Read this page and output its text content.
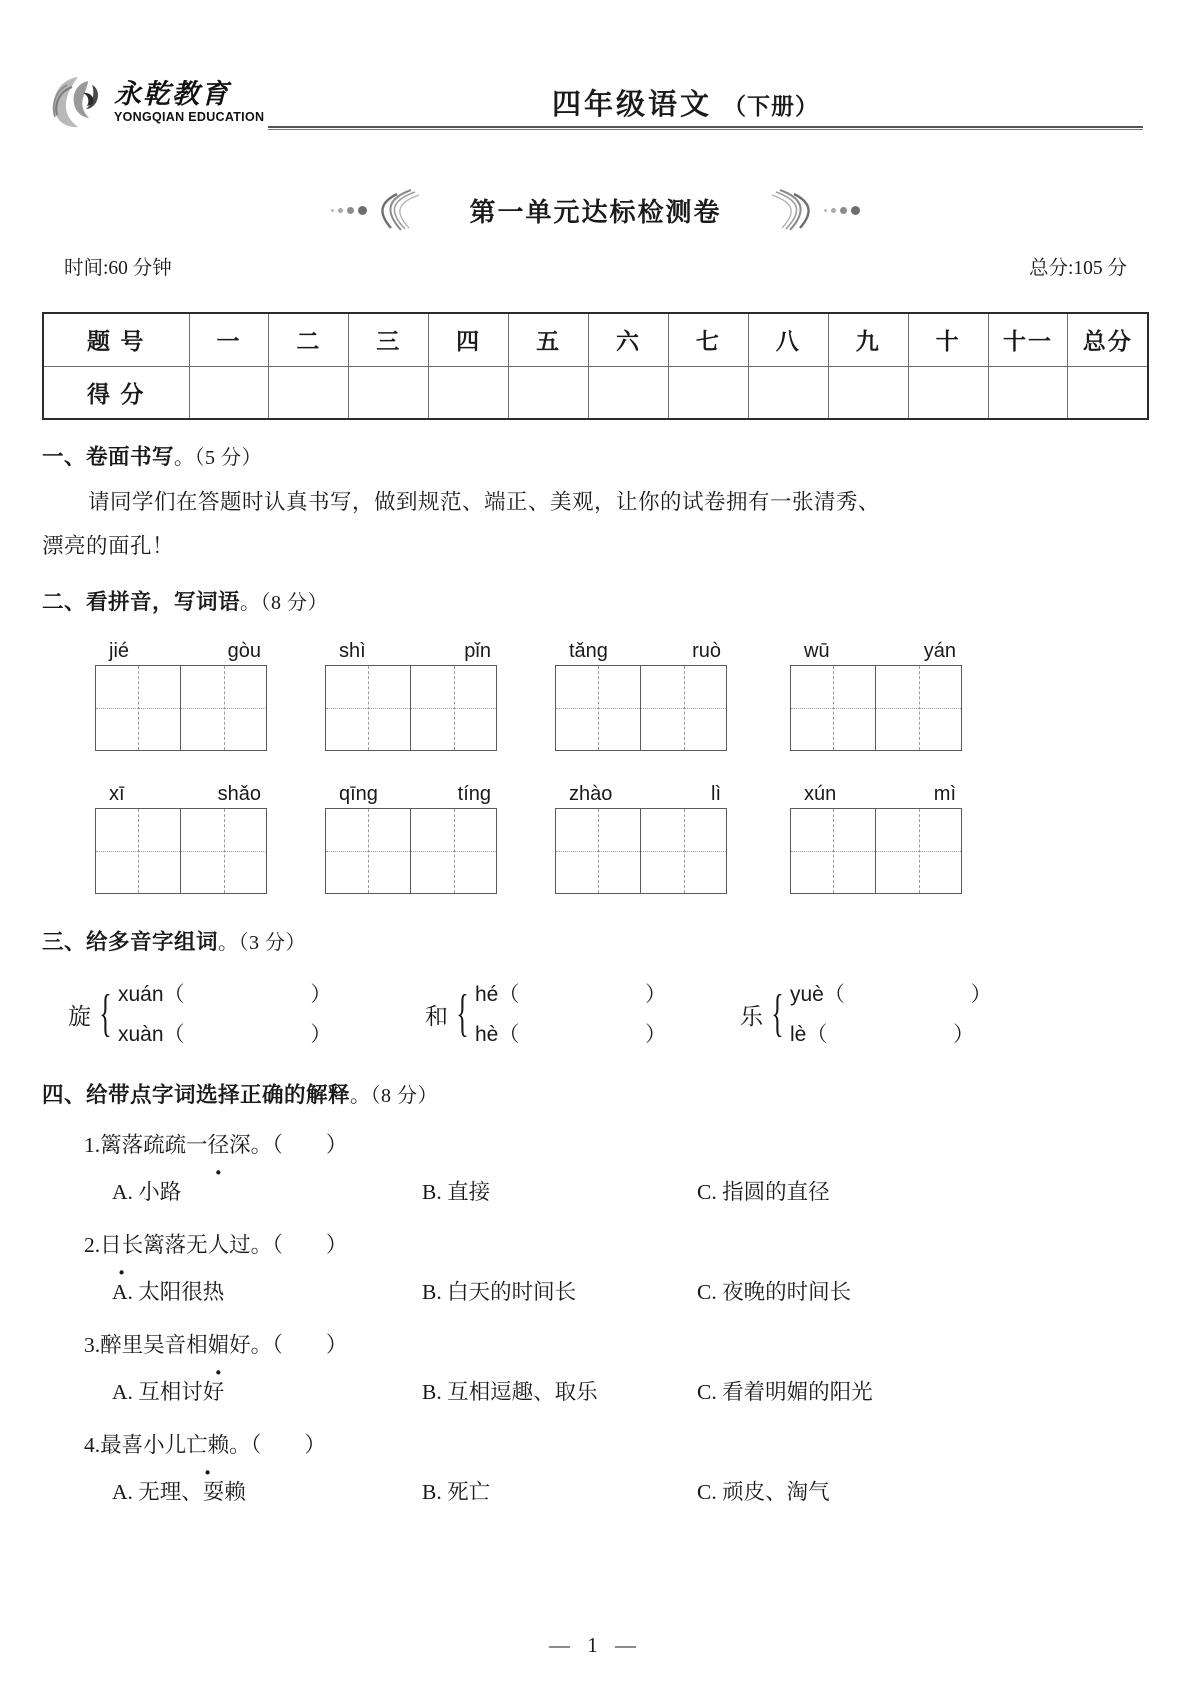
永乾教育
YONGQIAN EDUCATION	四年级语文 （下册）
第一单元达标检测卷
时间:60 分钟	总分:105 分
题 号	一	二	三	四	五	六	七	八	九	十	十一	总分
得 分												
一、卷面书写。（5 分）
请同学们在答题时认真书写，做到规范、端正、美观，让你的试卷拥有一张清秀、
漂亮的面孔！
二、看拼音，写词语。（8 分）
jié	gòu	shì	pǐn	tǎng	ruò	wū	yán
xī	shǎo	qīng	tíng	zhào	lì	xún	mì
三、给多音字组词。（3 分）
旋 { xuán（	）
xuàn（	）
和 { hé（	）
hè（	）
乐 { yuè（	）
lè（	）
四、给带点字词选择正确的解释。（8 分）
1.篱落疏疏一径深。（　　）
A. 小路	B. 直接	C. 指圆的直径
2.日长篱落无人过。（　　）
A. 太阳很热	B. 白天的时间长	C. 夜晚的时间长
3.醉里吴音相媚好。（　　）
A. 互相讨好	B. 互相逗趣、取乐	C. 看着明媚的阳光
4.最喜小儿亡赖。（　　）
A. 无理、耍赖	B. 死亡	C. 顽皮、淘气
— 1 —
